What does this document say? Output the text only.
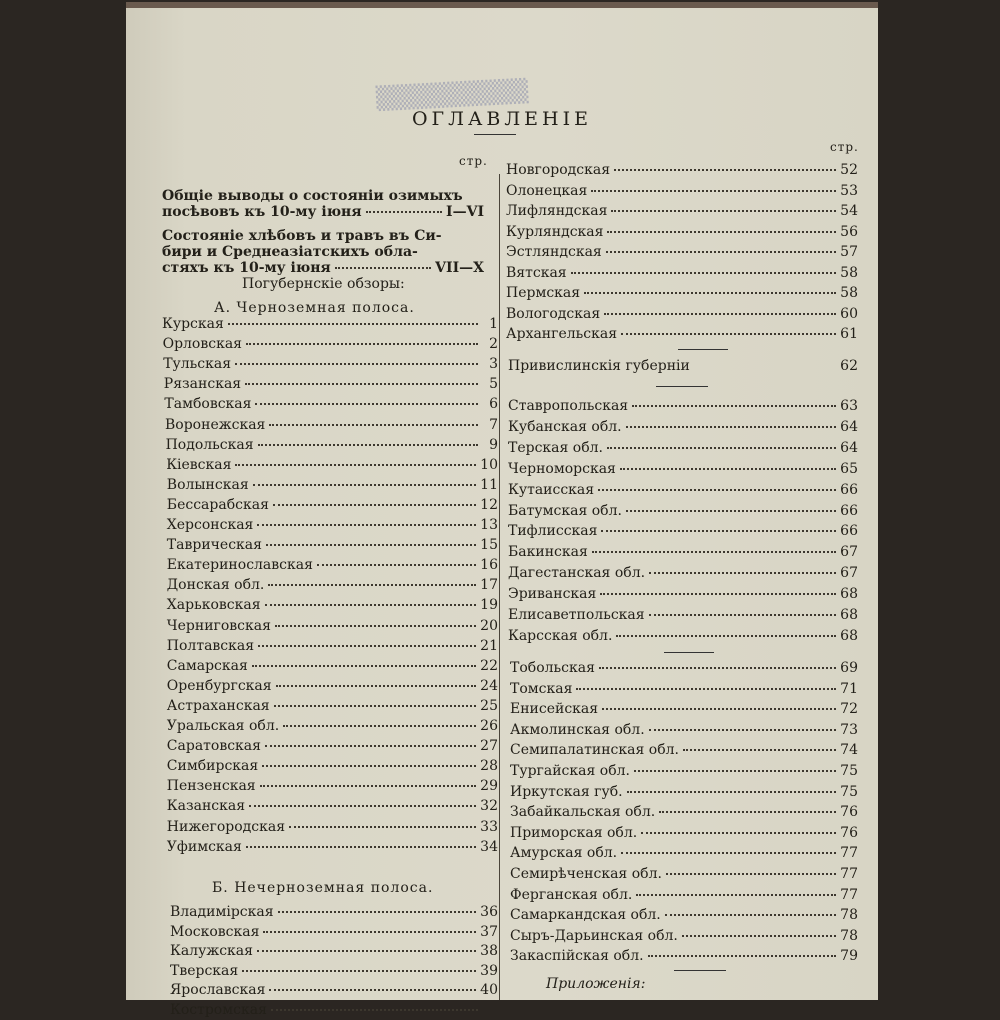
▒▒▒▒▒▒▒▒▒
ОГЛАВЛЕНІЕ
стр.
Общіе выводы о состояніи озимыхъ
посѣвовъ къ 10-му іюня	I—VI
Состояніе хлѣбовъ и травъ въ Си-
бири и Среднеазіатскихъ обла-
стяхъ къ 10-му іюня	VII—X
Погубернскіе обзоры:
А. Черноземная полоса.
Курская	1
Орловская	2
Тульская	3
Рязанская	5
Тамбовская	6
Воронежская	7
Подольская	9
Кіевская	10
Волынская	11
Бессарабская	12
Херсонская	13
Таврическая	15
Екатеринославская	16
Донская обл.	17
Харьковская	19
Черниговская	20
Полтавская	21
Самарская	22
Оренбургская	24
Астраханская	25
Уральская обл.	26
Саратовская	27
Симбирская	28
Пензенская	29
Казанская	32
Нижегородская	33
Уфимская	34
Б. Нечерноземная полоса.
Владимірская	36
Московская	37
Калужская	38
Тверская	39
Ярославская	40
Костромская
стр.
Новгородская	52
Олонецкая	53
Лифляндская	54
Курляндская	56
Эстляндская	57
Вятская	58
Пермская	58
Вологодская	60
Архангельская	61
Привислинскія губерніи	62
Ставропольская	63
Кубанская обл.	64
Терская обл.	64
Черноморская	65
Кутаисская	66
Батумская обл.	66
Тифлисская	66
Бакинская	67
Дагестанская обл.	67
Эриванская	68
Елисаветпольская	68
Карсская обл.	68
Тобольская	69
Томская	71
Енисейская	72
Акмолинская обл.	73
Семипалатинская обл.	74
Тургайская обл.	75
Иркутская губ.	75
Забайкальская обл.	76
Приморская обл.	76
Амурская обл.	77
Семирѣченская обл.	77
Ферганская обл.	77
Самаркандская обл.	78
Сыръ-Дарьинская обл.	78
Закаспійская обл.	79
Приложенія:
